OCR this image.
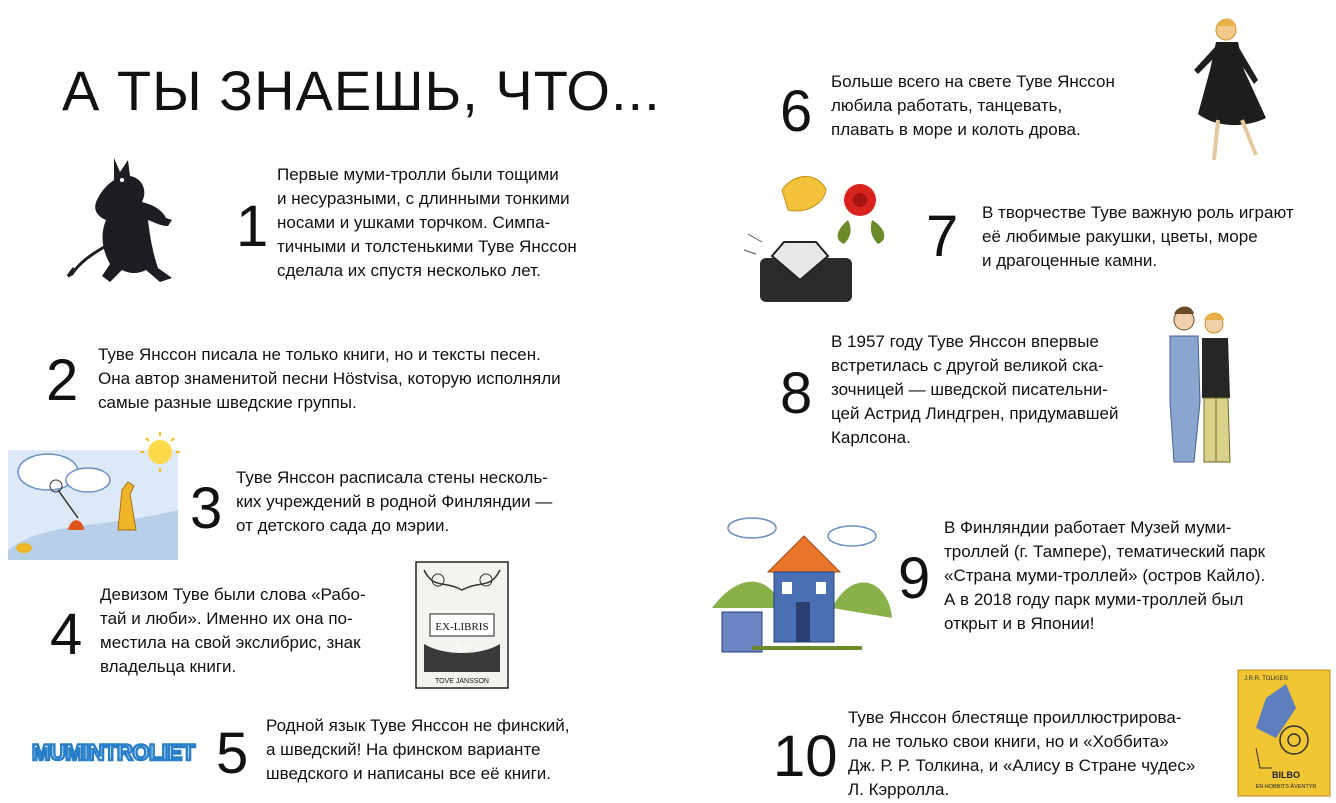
А ТЫ ЗНАЕШЬ, ЧТО...
1
Первые муми-тролли были тощими
и несуразными, с длинными тонкими
носами и ушками торчком. Симпа-
тичными и толстенькими Туве Янссон
сделала их спустя несколько лет.
2 Туве Янссон писала не только книги, но и тексты песен.
Она автор знаменитой песни Höstvisa, которую исполняли
самые разные шведские группы.
3 Туве Янссон расписала стены несколь-
ких учреждений в родной Финляндии —
от детского сада до мэрии.
4
Девизом Туве были слова «Рабо-
тай и люби». Именно их она по-
местила на свой экслибрис, знак
владельца книги.
EX-LIBRIS
TOVE JANSSON
5 Родной язык Туве Янссон не финский,
а шведский! На финском варианте
шведского и написаны все её книги.
MUMINTROLIET
6 Больше всего на свете Туве Янссон
любила работать, танцевать,
плавать в море и колоть дрова.
7 В творчестве Туве важную роль играют
её любимые ракушки, цветы, море
и драгоценные камни.
8
В 1957 году Туве Янссон впервые
встретилась с другой великой ска-
зочницей — шведской писательни-
цей Астрид Линдгрен, придумавшей
Карлсона.
9
В Финляндии работает Музей муми-
троллей (г. Тампере), тематический парк
«Страна муми-троллей» (остров Кайло).
А в 2018 году парк муми-троллей был
открыт и в Японии!
10
Туве Янссон блестяще проиллюстрирова-
ла не только свои книги, но и «Хоббита»
Дж. Р. Р. Толкина, и «Алису в Стране чудес»
Л. Кэрролла.
J.R.R. TOLKIEN
BILBO
EN HOBBITS ÄVENTYR
